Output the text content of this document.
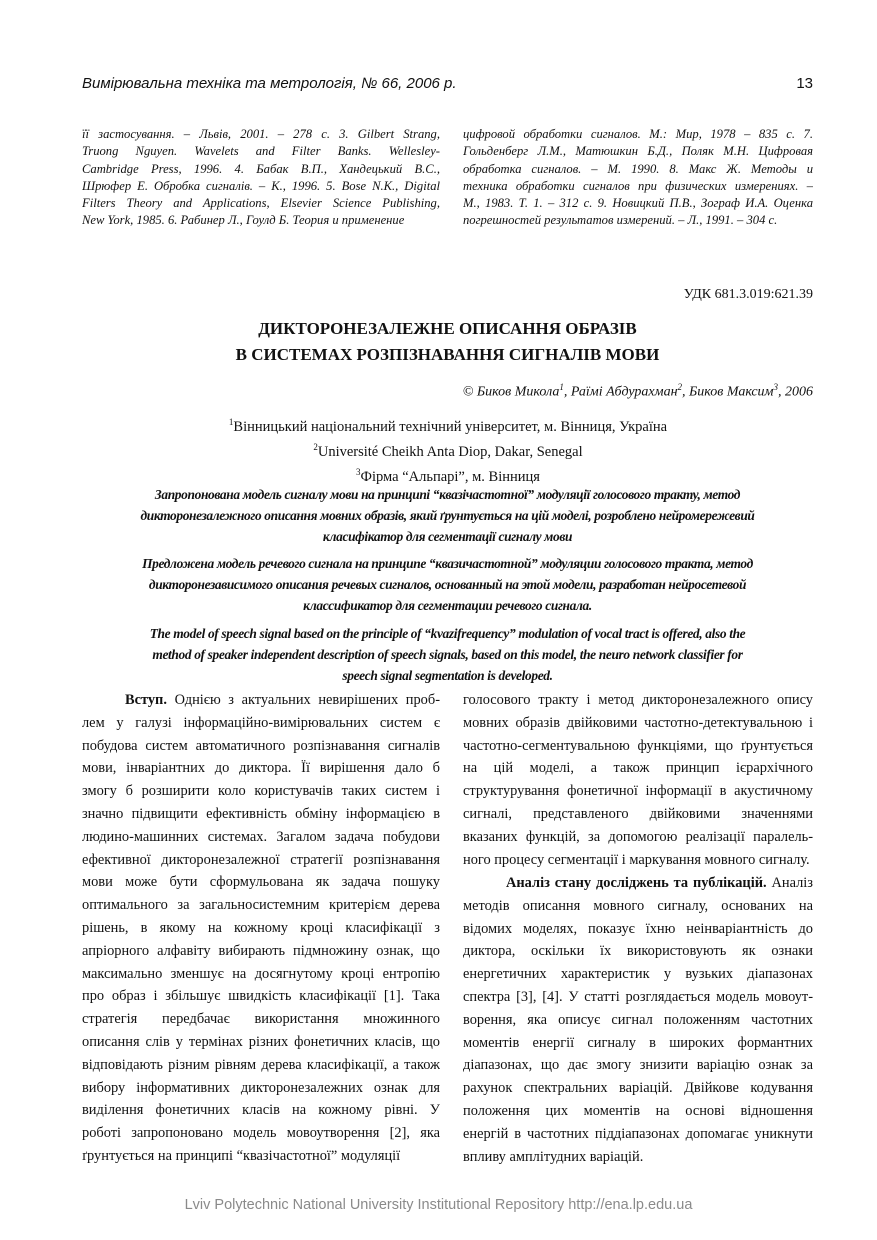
Вимірювальна техніка та метрологія, № 66, 2006 р.	13
її застосування. – Львів, 2001. – 278 с. 3. Gilbert Strang,
Truong Nguyen. Wavelets and Filter Banks. Wellesley-
Cambridge Press, 1996. 4. Бабак В.П., Хандецький В.С.,
Шрюфер Е. Обробка сигналів. – К., 1996. 5. Bose N.K., Digital
Filters Theory and Applications, Elsevier Science Publishing,
New York, 1985. 6. Рабинер Л., Гоулд Б. Теория и применение
цифровой обработки сигналов. М.: Мир, 1978 – 835 с. 7.
Гольденберг Л.М., Матюшкин Б.Д., Поляк М.Н. Цифровая
обработка сигналов. – М. 1990. 8. Макс Ж. Методы и
техника обработки сигналов при физических измерениях. –
М., 1983. Т. 1. – 312 с. 9. Новицкий П.В., Зограф И.А. Оценка
погрешностей результатов измерений. – Л., 1991. – 304 с.
УДК 681.3.019:621.39
ДИКТОРОНЕЗАЛЕЖНЕ ОПИСАННЯ ОБРАЗІВ
В СИСТЕМАХ РОЗПІЗНАВАННЯ СИГНАЛІВ МОВИ
© Биков Микола$^1$, Раїмі Абдурахман$^2$, Биков Максим$^3$, 2006
$^1$Вінницький національний технічний університет, м. Вінниця, Україна
$^2$Université Cheikh Anta Diop, Dakar, Senegal
$^3$Фірма “Альпарі”, м. Вінниця
Запропонована модель сигналу мови на принципі “квазічастотної” модуляції голосового тракту, метод
дикторонезалежного описання мовних образів, який ґрунтується на цій моделі, розроблено нейромережевий
класифікатор для сегментації сигналу мови
Предложена модель речевого сигнала на принципе “квазичастотной” модуляции голосового тракта, метод
дикторонезависимого описания речевых сигналов, основанный на этой модели, разработан нейросетевой
классификатор для сегментации речевого сигнала.
The model of speech signal based on the principle of “kvazifrequency” modulation of vocal tract is offered, also the
method of speaker independent description of speech signals, based on this model, the neuro network classifier for
speech signal segmentation is developed.
Вступ. Однією з актуальних невирішених проб-
лем у галузі інформаційно-вимірювальних систем є
побудова систем автоматичного розпізнавання сигналів
мови, інваріантних до диктора. Її вирішення дало б
змогу б розширити коло користувачів таких систем і
значно підвищити ефективність обміну інформацією в
людино-машинних системах. Загалом задача побудови
ефективної дикторонезалежної стратегії розпізнавання
мови може бути сформульована як задача пошуку
оптимального за загальносистемним критерієм дерева
рішень, в якому на кожному кроці класифікації з
апріорного алфавіту вибирають підмножину ознак, що
максимально зменшує на досягнутому кроці ентропію
про образ і збільшує швидкість класифікації [1]. Така
стратегія передбачає використання множинного
описання слів у термінах різних фонетичних класів, що
відповідають різним рівням дерева класифікації, а також
вибору інформативних дикторонезалежних ознак для
виділення фонетичних класів на кожному рівні. У
роботі запропоновано модель мовоутворення [2], яка
ґрунтується на принципі “квазічастотної” модуляції
голосового тракту і метод дикторонезалежного опису
мовних образів двійковими частотно-детектувальною і
частотно-сегментувальною функціями, що ґрунтується
на цій моделі, а також принцип ієрархічного
структурування фонетичної інформації в акустичному
сигналі, представленого двійковими значеннями
вказаних функцій, за допомогою реалізації паралель-
ного процесу сегментації і маркування мовного сигналу.
Аналіз стану досліджень та публікацій. Аналіз
методів описання мовного сигналу, основаних на
відомих моделях, показує їхню неінваріантність до
диктора, оскільки їх використовують як ознаки
енергетичних характеристик у вузьких діапазонах
спектра [3], [4]. У статті розглядається модель мовоут-
ворення, яка описує сигнал положенням частотних
моментів енергії сигналу в широких формантних
діапазонах, що дає змогу знизити варіацію ознак за
рахунок спектральних варіацій. Двійкове кодування
положення цих моментів на основі відношення
енергій в частотних піддіапазонах допомагає уникнути
впливу амплітудних варіацій.
Lviv Polytechnic National University Institutional Repository http://ena.lp.edu.ua
